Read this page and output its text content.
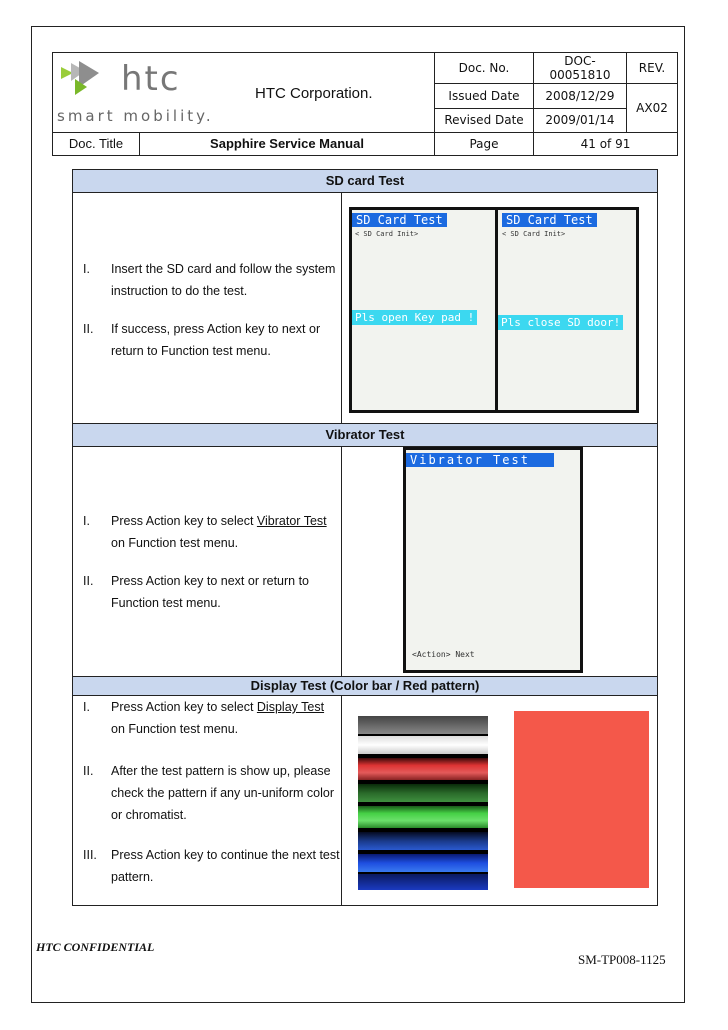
htc
smart mobility.
HTC Corporation.		Doc. No.	DOC-00051810	REV.
		Issued Date	2008/12/29	AX02
		Revised Date	2009/01/14	
Doc. Title	Sapphire Service Manual	Page	41 of 91	
SD card Test
I.	Insert the SD card and follow the system instruction to do the test.
II.	If success, press Action key to next or return to Function test menu.
SD Card Test
< SD Card Init>
Pls open Key pad !
SD Card Test
< SD Card Init>
Pls close SD door!
Vibrator Test
I.	Press Action key to select Vibrator Test on Function test menu.
II.	Press Action key to next or return to Function test menu.
Vibrator Test
<Action> Next
Display Test (Color bar / Red pattern)
I.	Press Action key to select Display Test on Function test menu.
II.	After the test pattern is show up, please check the pattern if any un-uniform color or chromatist.
III.	Press Action key to continue the next test pattern.
HTC CONFIDENTIAL
SM-TP008-1125
